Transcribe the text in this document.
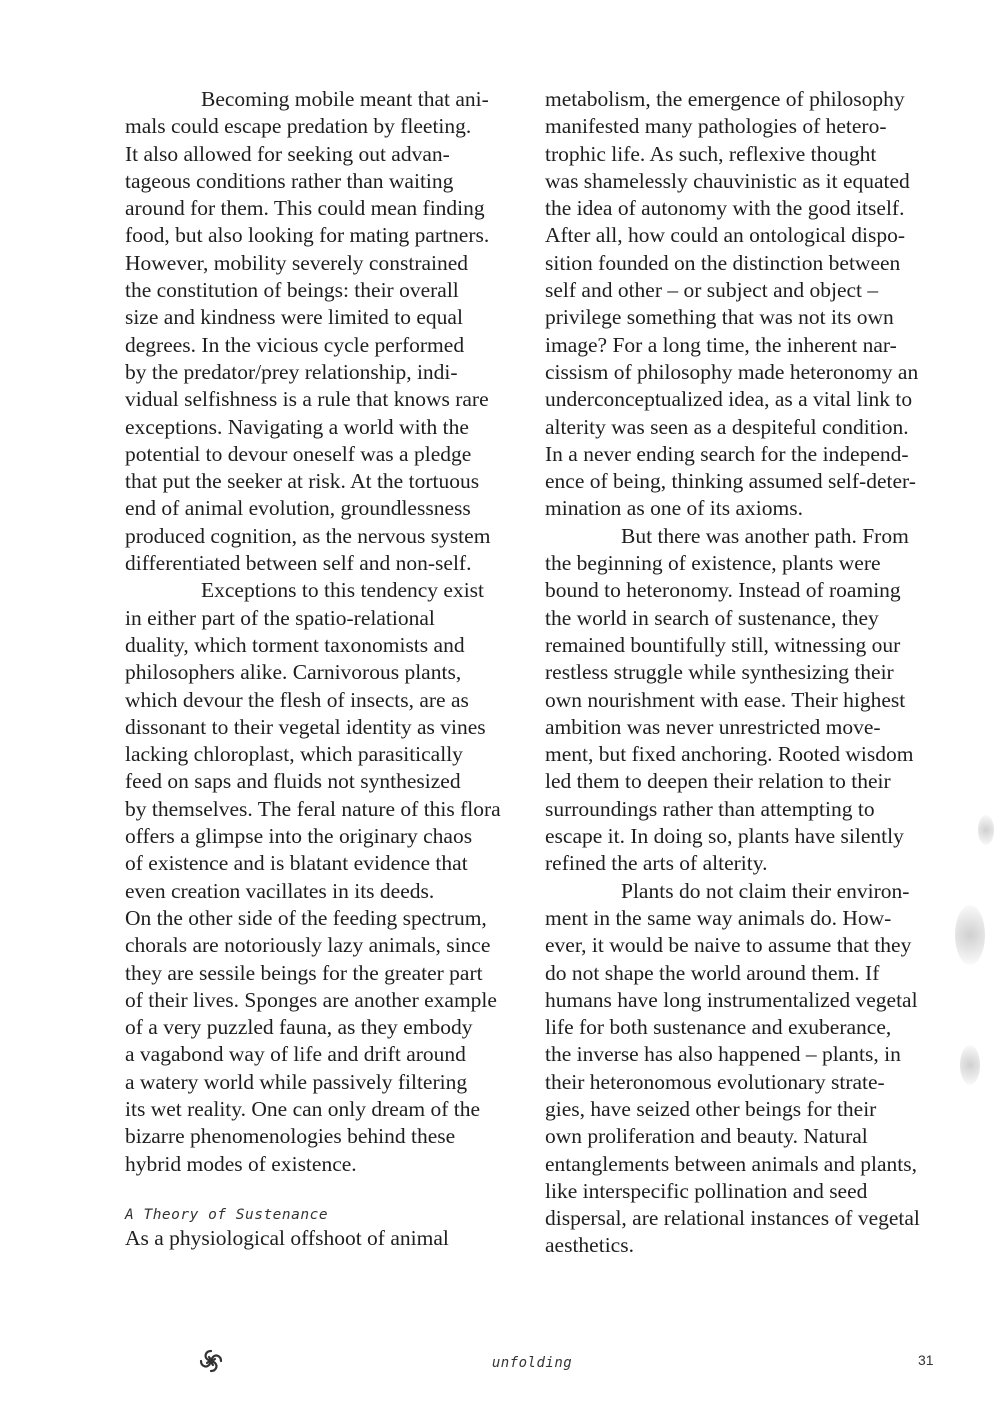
Becoming mobile meant that ani-
mals could escape predation by fleeting.
It also allowed for seeking out advan-
tageous conditions rather than waiting
around for them. This could mean finding
food, but also looking for mating partners.
However, mobility severely constrained
the constitution of beings: their overall
size and kindness were limited to equal
degrees. In the vicious cycle performed
by the predator/prey relationship, indi-
vidual selfishness is a rule that knows rare
exceptions. Navigating a world with the
potential to devour oneself was a pledge
that put the seeker at risk. At the tortuous
end of animal evolution, groundlessness
produced cognition, as the nervous system
differentiated between self and non-self.
Exceptions to this tendency exist
in either part of the spatio-relational
duality, which torment taxonomists and
philosophers alike. Carnivorous plants,
which devour the flesh of insects, are as
dissonant to their vegetal identity as vines
lacking chloroplast, which parasitically
feed on saps and fluids not synthesized
by themselves. The feral nature of this flora
offers a glimpse into the originary chaos
of existence and is blatant evidence that
even creation vacillates in its deeds.
On the other side of the feeding spectrum,
chorals are notoriously lazy animals, since
they are sessile beings for the greater part
of their lives. Sponges are another example
of a very puzzled fauna, as they embody
a vagabond way of life and drift around
a watery world while passively filtering
its wet reality. One can only dream of the
bizarre phenomenologies behind these
hybrid modes of existence.
A Theory of Sustenance
As a physiological offshoot of animal
metabolism, the emergence of philosophy
manifested many pathologies of hetero-
trophic life. As such, reflexive thought
was shamelessly chauvinistic as it equated
the idea of autonomy with the good itself.
After all, how could an ontological dispo-
sition founded on the distinction between
self and other – or subject and object –
privilege something that was not its own
image? For a long time, the inherent nar-
cissism of philosophy made heteronomy an
underconceptualized idea, as a vital link to
alterity was seen as a despiteful condition.
In a never ending search for the independ-
ence of being, thinking assumed self-deter-
mination as one of its axioms.
But there was another path. From
the beginning of existence, plants were
bound to heteronomy. Instead of roaming
the world in search of sustenance, they
remained bountifully still, witnessing our
restless struggle while synthesizing their
own nourishment with ease. Their highest
ambition was never unrestricted move-
ment, but fixed anchoring. Rooted wisdom
led them to deepen their relation to their
surroundings rather than attempting to
escape it. In doing so, plants have silently
refined the arts of alterity.
Plants do not claim their environ-
ment in the same way animals do. How-
ever, it would be naive to assume that they
do not shape the world around them. If
humans have long instrumentalized vegetal
life for both sustenance and exuberance,
the inverse has also happened – plants, in
their heteronomous evolutionary strate-
gies, have seized other beings for their
own proliferation and beauty. Natural
entanglements between animals and plants,
like interspecific pollination and seed
dispersal, are relational instances of vegetal
aesthetics.
unfolding	31
